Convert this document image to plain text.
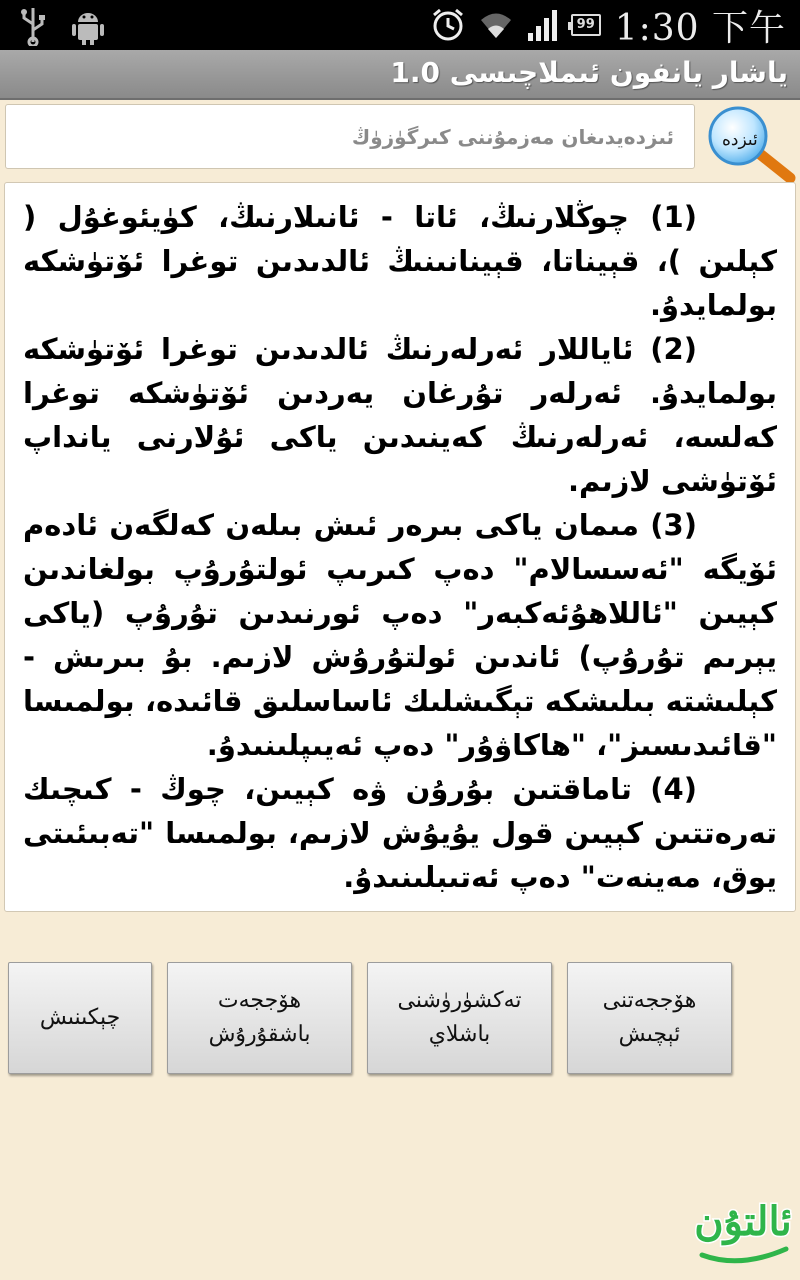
99 1:30 下午
ياشار يانفون ئىملاچىسى 1.0
ئىزدەيدىغان مەزمۇننى كىرگۈزۈڭ
ئىزدە

(1) چوڭلارنىڭ، ئاتا - ئانىلارنىڭ، كۈيئوغۇل ( كېلىن )، قېيناتا، قېينانىنىڭ ئالدىدىن توغرا ئۆتۈشكە بولمايدۇ.

(2) ئاياللار ئەرلەرنىڭ ئالدىدىن توغرا ئۆتۈشكە بولمايدۇ. ئەرلەر تۇرغان يەردىن ئۆتۈشكە توغرا كەلسە، ئەرلەرنىڭ كەينىدىن ياكى ئۇلارنى يانداپ ئۆتۈشى لازىم.

(3) مىمان ياكى بىرەر ئىش بىلەن كەلگەن ئادەم ئۆيگە "ئەسسالام" دەپ كىرىپ ئولتۇرۇپ بولغاندىن كېيىن "ئاللاھۇئەكبەر" دەپ ئورنىدىن تۇرۇپ (ياكى يېرىم تۇرۇپ) ئاندىن ئولتۇرۇش لازىم. بۇ بىرىش - كېلىشتە بىلىشكە تېگىشلىك ئاساسلىق قائىدە، بولمىسا "قائىدىسىز"، "ھاكاۋۇر" دەپ ئەيىپلىنىدۇ.

(4) تاماقتىن بۇرۇن ۋە كېيىن، چوڭ - كىچىك تەرەتتىن كېيىن قول يۇيۇش لازىم، بولمىسا "تەبىئىتى يوق، مەينەت" دەپ ئەتىبلىنىدۇ.

ھۆججەتنى
ئېچىش
تەكشۈرۈشنى
باشلاي
ھۆججەت
باشقۇرۇش
چېكىنىش
ئالتۇن
